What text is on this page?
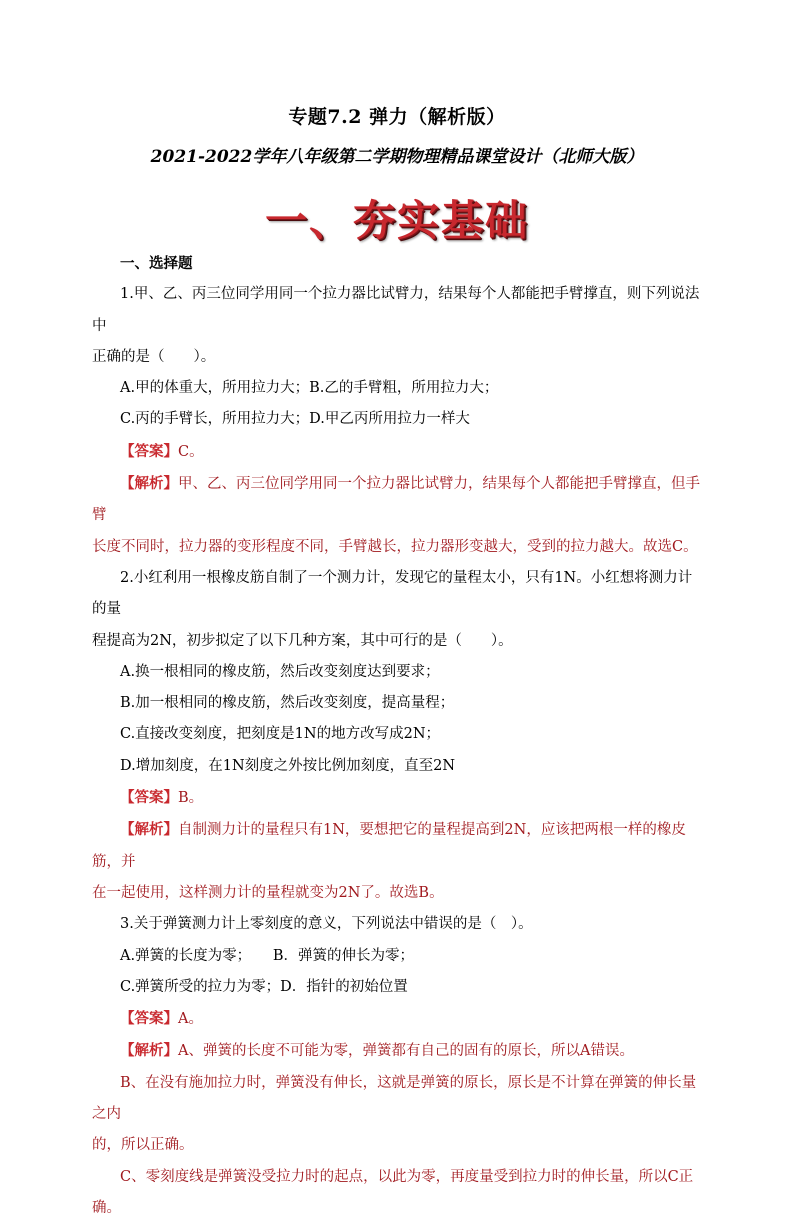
专题7.2 弹力（解析版）
2021-2022学年八年级第二学期物理精品课堂设计（北师大版）
一、夯实基础

一、选择题

1.甲、乙、丙三位同学用同一个拉力器比试臂力，结果每个人都能把手臂撑直，则下列说法中

正确的是（　　）。

A.甲的体重大，所用拉力大；B.乙的手臂粗，所用拉力大；

C.丙的手臂长，所用拉力大；D.甲乙丙所用拉力一样大

【答案】C。

【解析】甲、乙、丙三位同学用同一个拉力器比试臂力，结果每个人都能把手臂撑直，但手臂

长度不同时，拉力器的变形程度不同，手臂越长，拉力器形变越大，受到的拉力越大。故选C。

2.小红利用一根橡皮筋自制了一个测力计，发现它的量程太小，只有1N。小红想将测力计的量

程提高为2N，初步拟定了以下几种方案，其中可行的是（　　）。

A.换一根相同的橡皮筋，然后改变刻度达到要求；

B.加一根相同的橡皮筋，然后改变刻度，提高量程；

C.直接改变刻度，把刻度是1N的地方改写成2N；

D.增加刻度，在1N刻度之外按比例加刻度，直至2N

【答案】B。

【解析】自制测力计的量程只有1N，要想把它的量程提高到2N，应该把两根一样的橡皮筋，并

在一起使用，这样测力计的量程就变为2N了。故选B。

3.关于弹簧测力计上零刻度的意义，下列说法中错误的是（　）。

A.弹簧的长度为零；　　B．弹簧的伸长为零；

C.弹簧所受的拉力为零；D．指针的初始位置

【答案】A。

【解析】A、弹簧的长度不可能为零，弹簧都有自己的固有的原长，所以A错误。

B、在没有施加拉力时，弹簧没有伸长，这就是弹簧的原长，原长是不计算在弹簧的伸长量之内

的，所以正确。

C、零刻度线是弹簧没受拉力时的起点，以此为零，再度量受到拉力时的伸长量，所以C正确。
